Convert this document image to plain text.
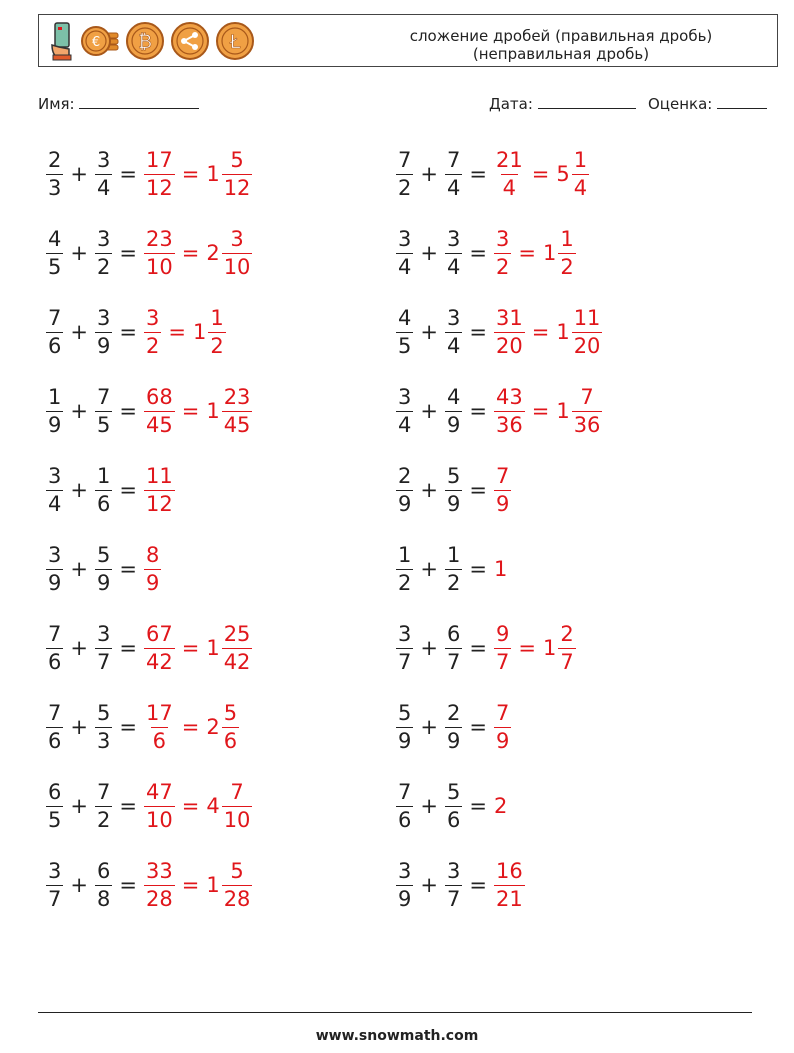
€ ₿	Ł	сложение дробей (правильная дробь)
(неправильная дробь)
Имя:	Дата:	Оценка:
$\frac{2}{3} + \frac{3}{4} = \frac{17}{12} = 1 \frac{5}{12}$
$\frac{4}{5} + \frac{3}{2} = \frac{23}{10} = 2 \frac{3}{10}$
$\frac{7}{6} + \frac{3}{9} = \frac{3}{2} = 1 \frac{1}{2}$
$\frac{1}{9} + \frac{7}{5} = \frac{68}{45} = 1 \frac{23}{45}$
$\frac{3}{4} + \frac{1}{6} = \frac{11}{12}$
$\frac{3}{9} + \frac{5}{9} = \frac{8}{9}$
$\frac{7}{6} + \frac{3}{7} = \frac{67}{42} = 1 \frac{25}{42}$
$\frac{7}{6} + \frac{5}{3} = \frac{17}{6} = 2 \frac{5}{6}$
$\frac{6}{5} + \frac{7}{2} = \frac{47}{10} = 4 \frac{7}{10}$
$\frac{3}{7} + \frac{6}{8} = \frac{33}{28} = 1 \frac{5}{28}$
$\frac{7}{2} + \frac{7}{4} = \frac{21}{4} = 5 \frac{1}{4}$
$\frac{3}{4} + \frac{3}{4} = \frac{3}{2} = 1 \frac{1}{2}$
$\frac{4}{5} + \frac{3}{4} = \frac{31}{20} = 1 \frac{11}{20}$
$\frac{3}{4} + \frac{4}{9} = \frac{43}{36} = 1 \frac{7}{36}$
$\frac{2}{9} + \frac{5}{9} = \frac{7}{9}$
$\frac{1}{2} + \frac{1}{2} = 1$
$\frac{3}{7} + \frac{6}{7} = \frac{9}{7} = 1 \frac{2}{7}$
$\frac{5}{9} + \frac{2}{9} = \frac{7}{9}$
$\frac{7}{6} + \frac{5}{6} = 2$
$\frac{3}{9} + \frac{3}{7} = \frac{16}{21}$
www.snowmath.com
